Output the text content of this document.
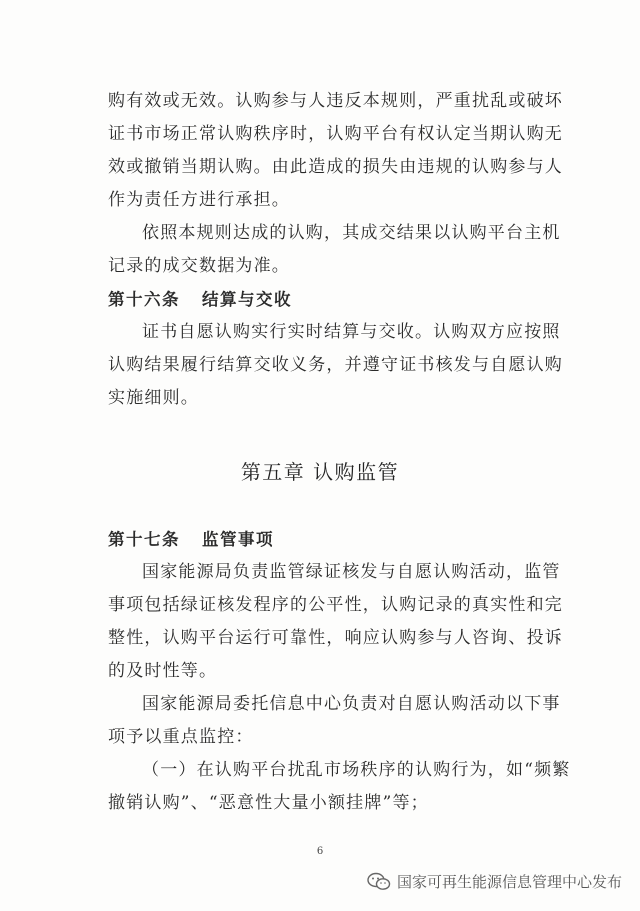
购有效或无效。认购参与人违反本规则，严重扰乱或破坏证书市场正常认购秩序时，认购平台有权认定当期认购无效或撤销当期认购。由此造成的损失由违规的认购参与人作为责任方进行承担。

依照本规则达成的认购，其成交结果以认购平台主机记录的成交数据为准。

第十六条 结算与交收

证书自愿认购实行实时结算与交收。认购双方应按照认购结果履行结算交收义务，并遵守证书核发与自愿认购实施细则。

第五章 认购监管

第十七条 监管事项

国家能源局负责监管绿证核发与自愿认购活动，监管事项包括绿证核发程序的公平性，认购记录的真实性和完整性，认购平台运行可靠性，响应认购参与人咨询、投诉的及时性等。

国家能源局委托信息中心负责对自愿认购活动以下事项予以重点监控：

（一）在认购平台扰乱市场秩序的认购行为，如“频繁撤销认购”、“恶意性大量小额挂牌”等；

6
国家可再生能源信息管理中心发布
